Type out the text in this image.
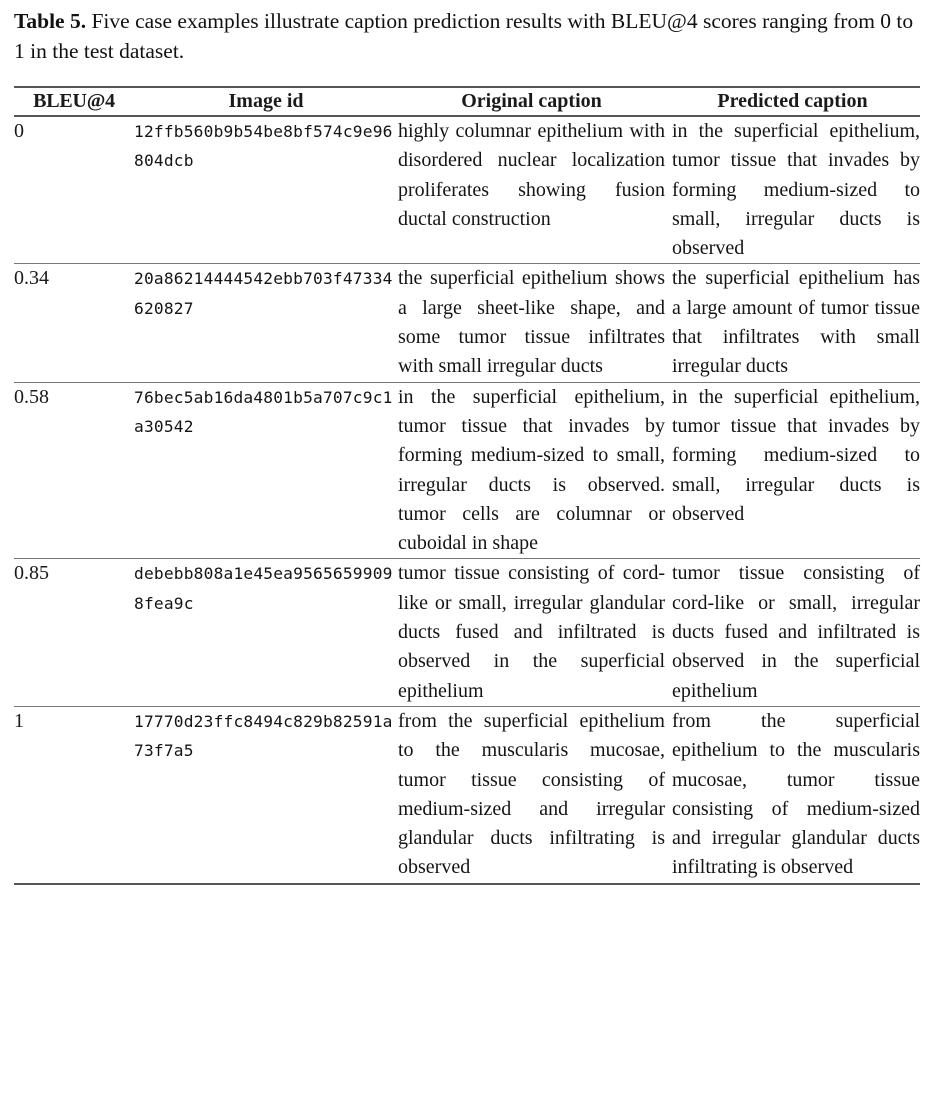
Table 5. Five case examples illustrate caption prediction results with BLEU@4 scores ranging from 0 to 1 in the test dataset.
BLEU@4	Image id	Original caption	Predicted caption

0	12ffb560b9b54be8bf574c9e96804dcb	highly columnar epithelium with disordered nuclear localization proliferates showing fusion ductal construction	in the superficial epithelium, tumor tissue that invades by forming medium-sized to small, irregular ducts is observed

0.34	20a86214444542ebb703f47334620827	the superficial epithelium shows a large sheet-like shape, and some tumor tissue infiltrates with small irregular ducts	the superficial epithelium has a large amount of tumor tissue that infiltrates with small irregular ducts

0.58	76bec5ab16da4801b5a707c9c1a30542	in the superficial epithelium, tumor tissue that invades by forming medium-sized to small, irregular ducts is observed. tumor cells are columnar or cuboidal in shape	in the superficial epithelium, tumor tissue that invades by forming medium-sized to small, irregular ducts is observed

0.85	debebb808a1e45ea95656599098fea9c	tumor tissue consisting of cord-like or small, irregular glandular ducts fused and infiltrated is observed in the superficial epithelium	tumor tissue consisting of cord-like or small, irregular ducts fused and infiltrated is observed in the superficial epithelium

1	17770d23ffc8494c829b82591a73f7a5	from the superficial epithelium to the muscularis mucosae, tumor tissue consisting of medium-sized and irregular glandular ducts infiltrating is observed	from the superficial epithelium to the muscularis mucosae, tumor tissue consisting of medium-sized and irregular glandular ducts infiltrating is observed
